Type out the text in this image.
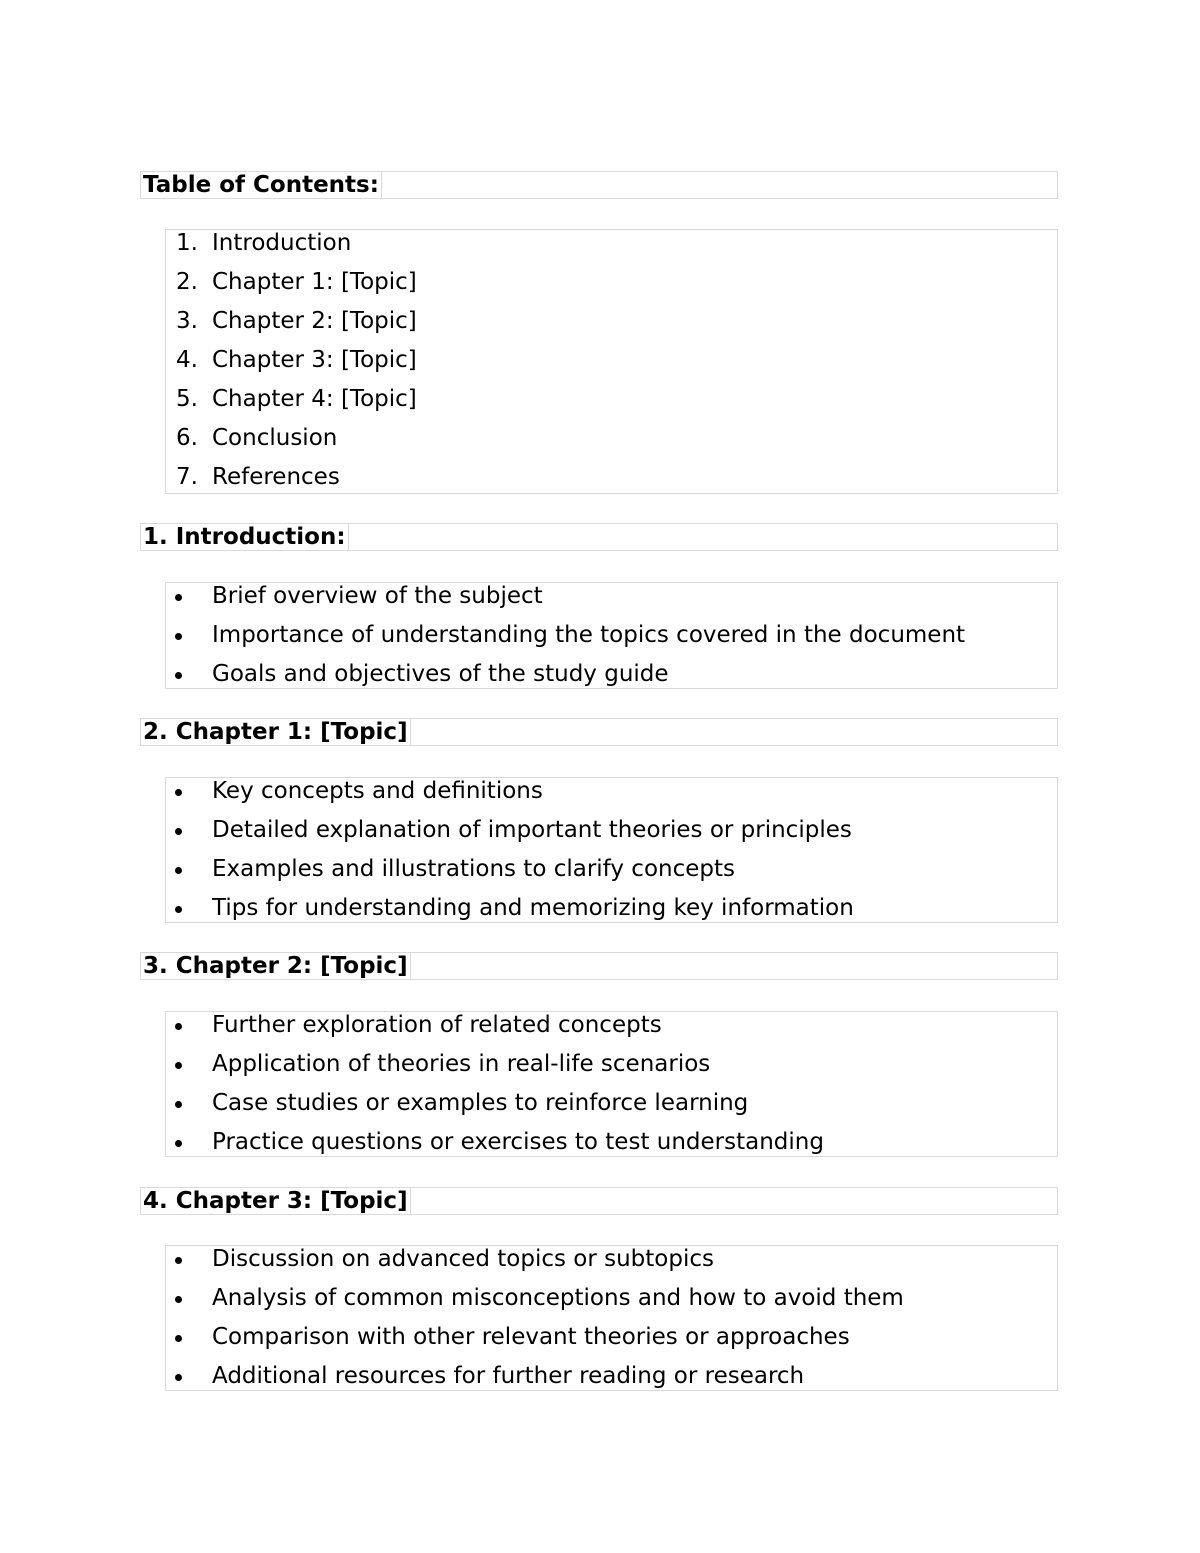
Table of Contents:
1. Introduction
2. Chapter 1: [Topic]
3. Chapter 2: [Topic]
4. Chapter 3: [Topic]
5. Chapter 4: [Topic]
6. Conclusion
7. References
1. Introduction:
Brief overview of the subject
Importance of understanding the topics covered in the document
Goals and objectives of the study guide
2. Chapter 1: [Topic]
Key concepts and definitions
Detailed explanation of important theories or principles
Examples and illustrations to clarify concepts
Tips for understanding and memorizing key information
3. Chapter 2: [Topic]
Further exploration of related concepts
Application of theories in real-life scenarios
Case studies or examples to reinforce learning
Practice questions or exercises to test understanding
4. Chapter 3: [Topic]
Discussion on advanced topics or subtopics
Analysis of common misconceptions and how to avoid them
Comparison with other relevant theories or approaches
Additional resources for further reading or research
